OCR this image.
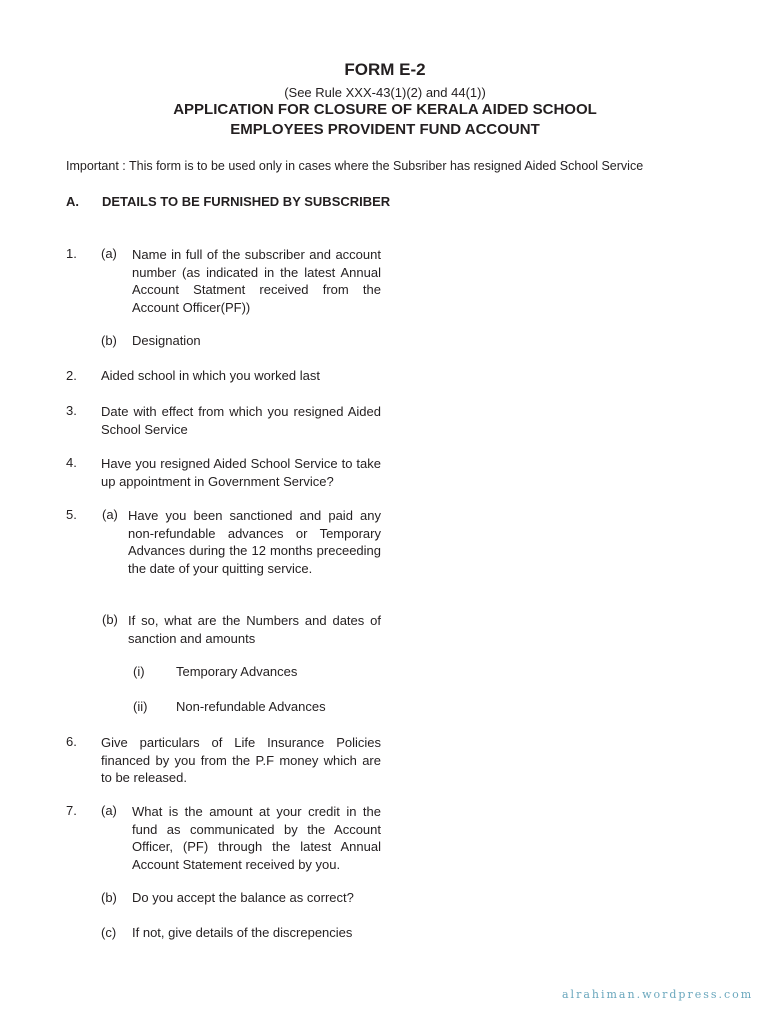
FORM E-2
(See Rule XXX-43(1)(2) and 44(1))
APPLICATION FOR CLOSURE OF KERALA AIDED SCHOOL
EMPLOYEES PROVIDENT FUND ACCOUNT
Important : This form is to be used only in cases where the Subsriber has resigned Aided School Service
A. DETAILS TO BE FURNISHED BY SUBSCRIBER
1. (a) Name in full of the subscriber and account number (as indicated in the latest Annual Account Statment received from the Account Officer(PF))
(b) Designation
2. Aided school in which you worked last
3. Date with effect from which you resigned Aided School Service
4. Have you resigned Aided School Service to take up appointment in Government Service?
5. (a) Have you been sanctioned and paid any non-refundable advances or Temporary Advances during the 12 months preceeding the date of your quitting service.
(b) If so, what are the Numbers and dates of sanction and amounts
(i) Temporary Advances
(ii) Non-refundable Advances
6. Give particulars of Life Insurance Policies financed by you from the P.F money which are to be released.
7. (a) What is the amount at your credit in the fund as communicated by the Account Officer, (PF) through the latest Annual Account Statement received by you.
(b) Do you accept the balance as correct?
(c) If not, give details of the discrepencies
alrahiman.wordpress.com
